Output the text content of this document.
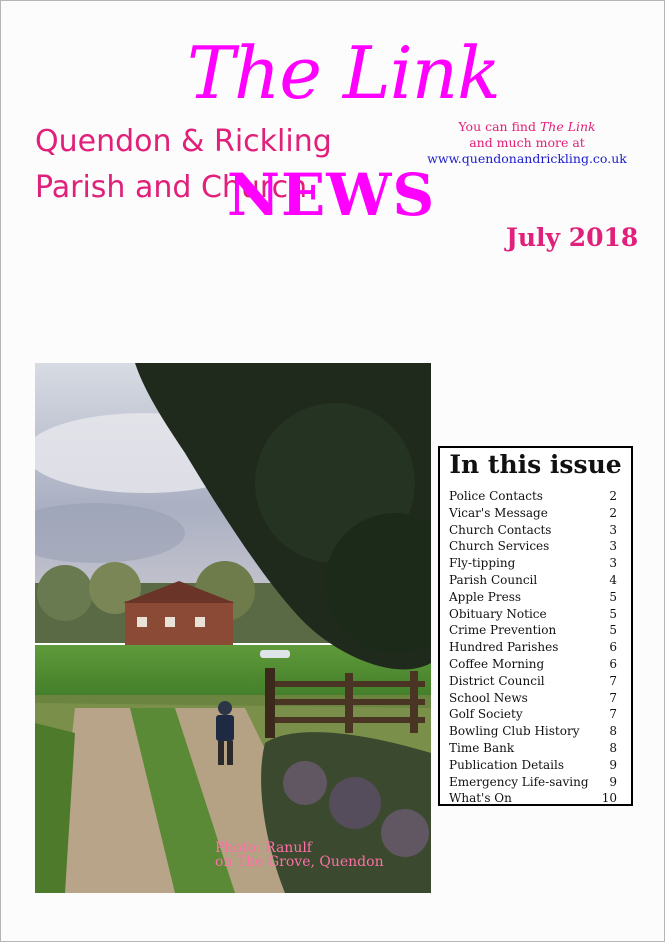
The Link
Quendon & Rickling Parish and Church
NEWS
You can find The Link
and much more at
www.quendonandrickling.co.uk
July 2018
Photo: Ranulf
on The Grove, Quendon
In this issue
Police Contacts	2
Vicar's Message	2
Church Contacts	3
Church Services	3
Fly-tipping	3
Parish Council	4
Apple Press	5
Obituary Notice	5
Crime Prevention	5
Hundred Parishes	6
Coffee Morning	6
District Council	7
School News	7
Golf Society	7
Bowling Club History 8
Time Bank	8
Publication Details	9
Emergency Life-saving 9
What's On	10
